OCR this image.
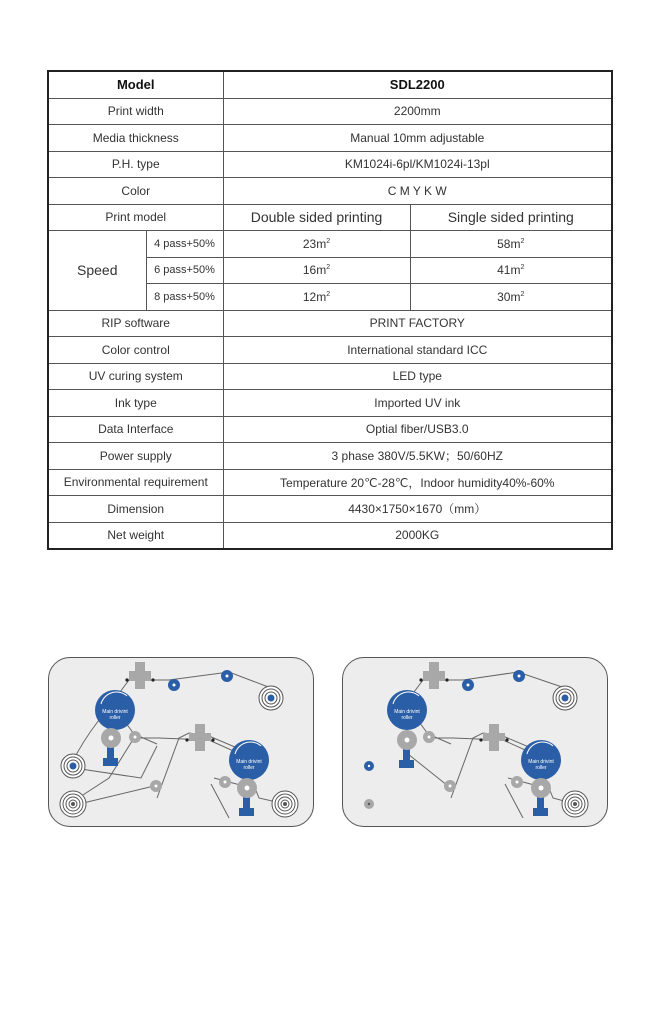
Model		SDL2200	
Print width		2200mm	
Media thickness		Manual 10mm adjustable	
P.H. type		KM1024i-6pl/KM1024i-13pl	
Color		C M Y K W	
Print model		Double sided printing	Single sided printing
Speed	4 pass+50%	$23m^2$	$58m^2$
	6 pass+50%	$16m^2$	$41m^2$
	8 pass+50%	$12m^2$	$30m^2$
RIP software		PRINT FACTORY	
Color control		International standard ICC	
UV curing system		LED type	
Ink type		Imported UV ink	
Data Interface		Optial fiber/USB3.0	
Power supply		3 phase 380V/5.5KW；50/60HZ	
Environmental requirement		Temperature 20℃-28℃，Indoor humidity40%-60%	
Dimension		4430×1750×1670（mm）	
Net weight		2000KG	
Main drivint
roller
Main drivint
roller
Main drivint
roller
Main drivint
roller
